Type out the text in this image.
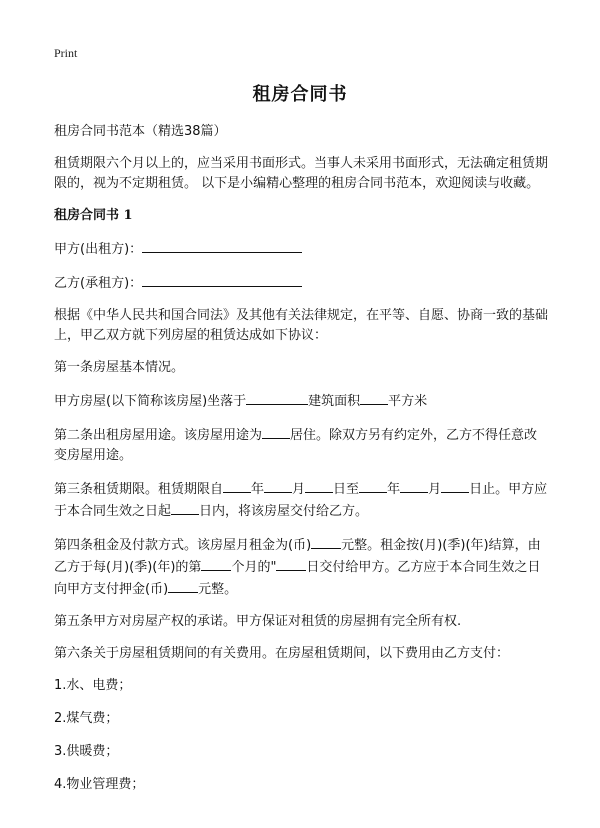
Print
租房合同书

租房合同书范本（精选38篇）

租赁期限六个月以上的，应当采用书面形式。当事人未采用书面形式，无法确定租赁期限的，视为不定期租赁。 以下是小编精心整理的租房合同书范本，欢迎阅读与收藏。

租房合同书 1

甲方(出租方)：

乙方(承租方)：

根据《中华人民共和国合同法》及其他有关法律规定，在平等、自愿、协商一致的基础上，甲乙双方就下列房屋的租赁达成如下协议：

第一条房屋基本情况。

甲方房屋(以下简称该房屋)坐落于	建筑面积 平方米

第二条出租房屋用途。该房屋用途为 居住。除双方另有约定外，乙方不得任意改变房屋用途。

第三条租赁期限。租赁期限自 年 月 日至 年 月 日止。甲方应于本合同生效之日起 日内，将该房屋交付给乙方。

第四条租金及付款方式。该房屋月租金为(币) 元整。租金按(月)(季)(年)结算，由乙方于每(月)(季)(年)的第 个月的" 日交付给甲方。乙方应于本合同生效之日向甲方支付押金(币) 元整。

第五条甲方对房屋产权的承诺。甲方保证对租赁的房屋拥有完全所有权.

第六条关于房屋租赁期间的有关费用。在房屋租赁期间，以下费用由乙方支付：

1.水、电费；

2.煤气费；

3.供暖费；

4.物业管理费；
